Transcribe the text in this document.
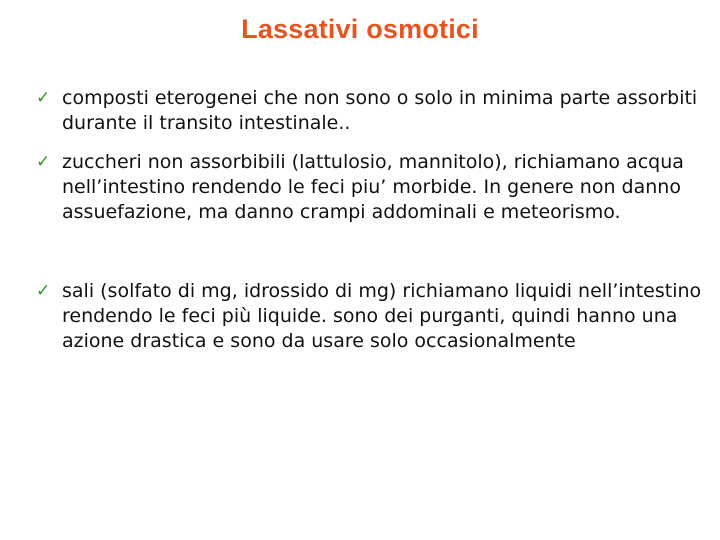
Lassativi osmotici
✓ composti eterogenei che non sono o solo in minima parte assorbiti durante il transito intestinale..
✓ zuccheri non assorbibili (lattulosio, mannitolo), richiamano acqua nell’intestino rendendo le feci piu’ morbide. In genere non danno assuefazione, ma danno crampi addominali e meteorismo.
✓ sali (solfato di mg, idrossido di mg) richiamano liquidi nell’intestino rendendo le feci più liquide. sono dei purganti, quindi hanno una azione drastica e sono da usare solo occasionalmente
